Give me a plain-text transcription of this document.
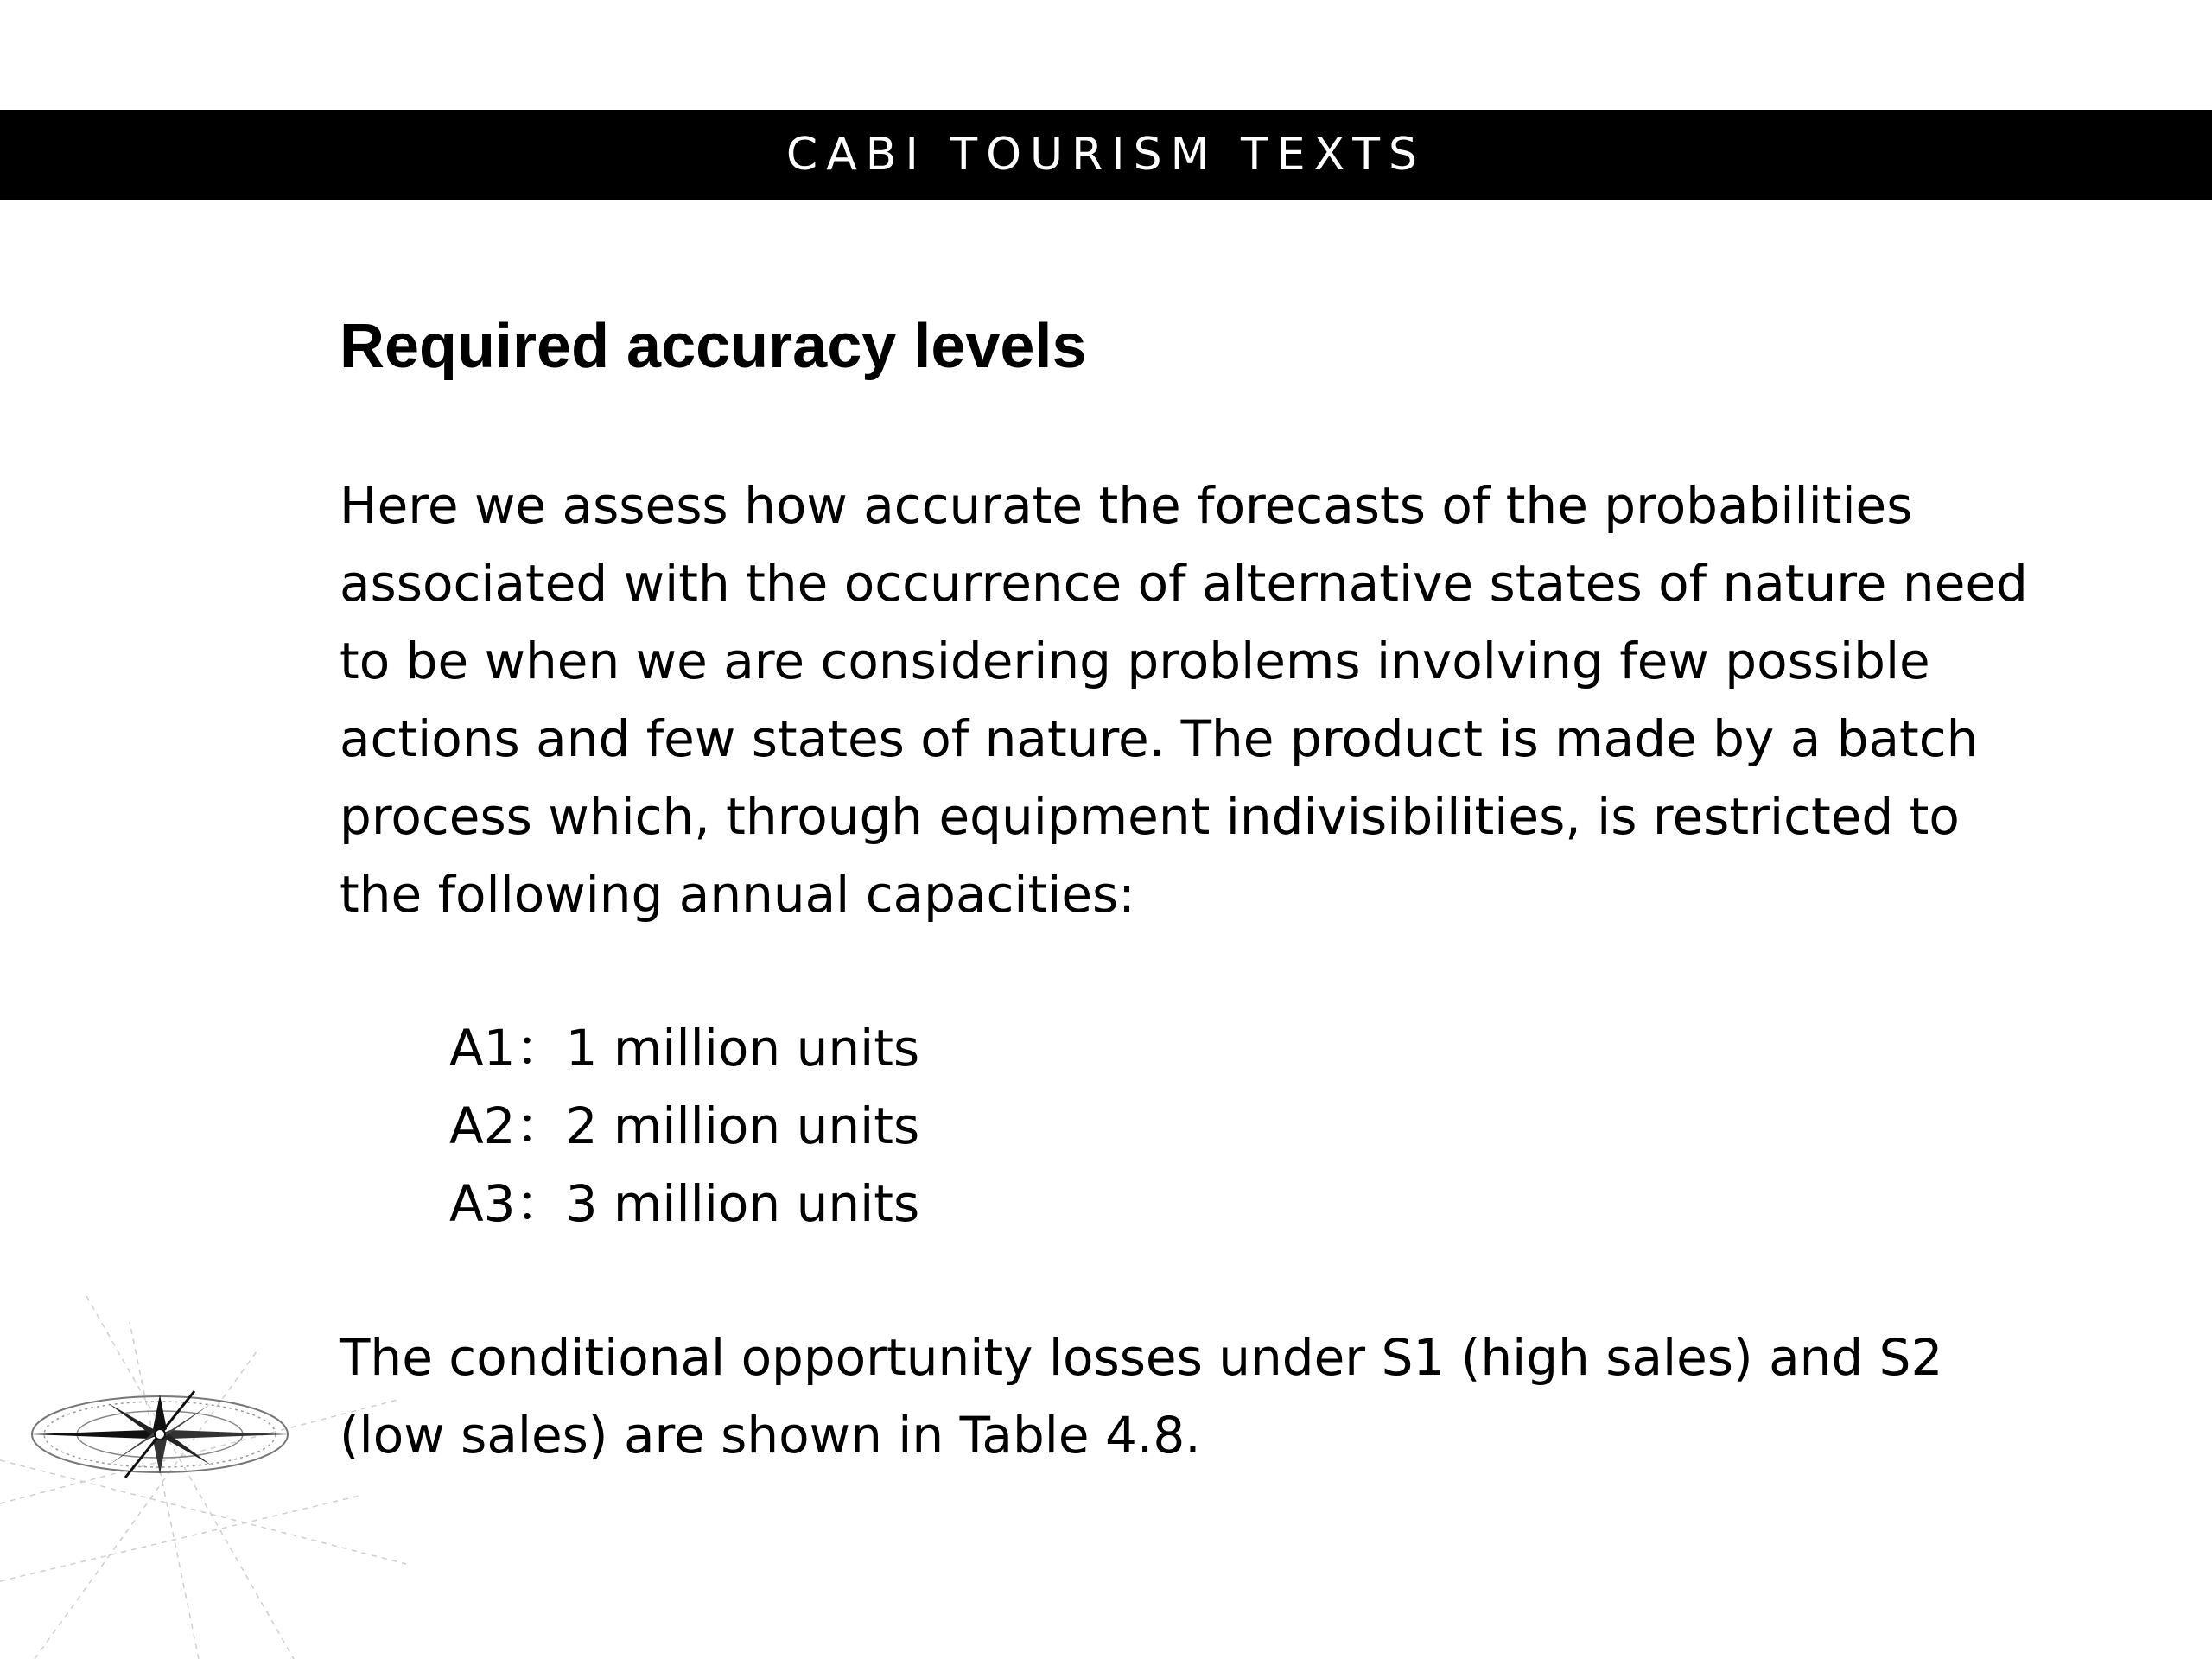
CABI TOURISM TEXTS
Required accuracy levels

Here we assess how accurate the forecasts of the probabilities associated with the occurrence of alternative states of nature need to be when we are considering problems involving few possible actions and few states of nature. The product is made by a batch process which, through equipment indivisibilities, is restricted to the following annual capacities:

A1：1 million units
A2：2 million units
A3：3 million units

The conditional opportunity losses under S1 (high sales) and S2 (low sales) are shown in Table 4.8.
